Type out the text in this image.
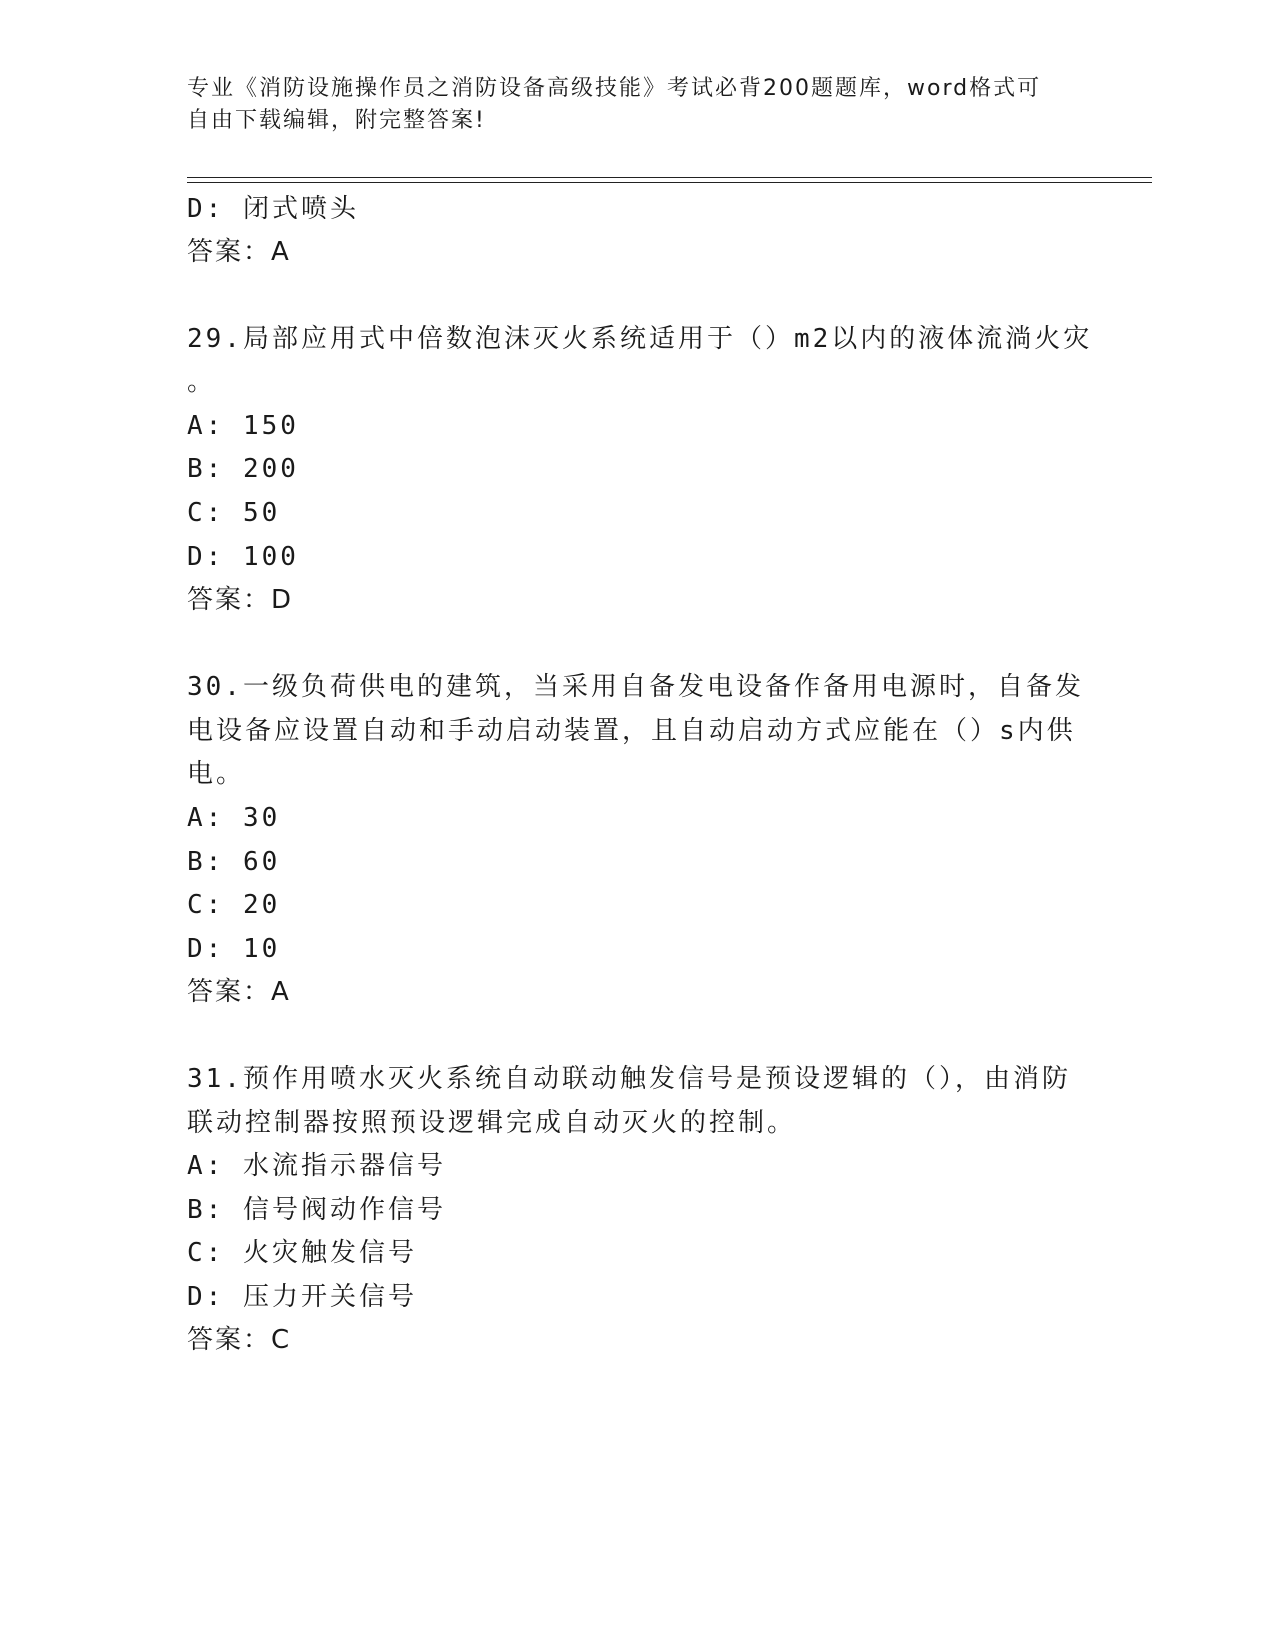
专业《消防设施操作员之消防设备高级技能》考试必背200题题库，word格式可
自由下载编辑，附完整答案!
D: 闭式喷头
答案：A
29.局部应用式中倍数泡沫灭火系统适用于（）m2以内的液体流淌火灾
。
A: 150
B: 200
C: 50
D: 100
答案：D
30.一级负荷供电的建筑，当采用自备发电设备作备用电源时，自备发
电设备应设置自动和手动启动装置，且自动启动方式应能在（）s内供
电。
A: 30
B: 60
C: 20
D: 10
答案：A
31.预作用喷水灭火系统自动联动触发信号是预设逻辑的（），由消防
联动控制器按照预设逻辑完成自动灭火的控制。
A: 水流指示器信号
B: 信号阀动作信号
C: 火灾触发信号
D: 压力开关信号
答案：C
